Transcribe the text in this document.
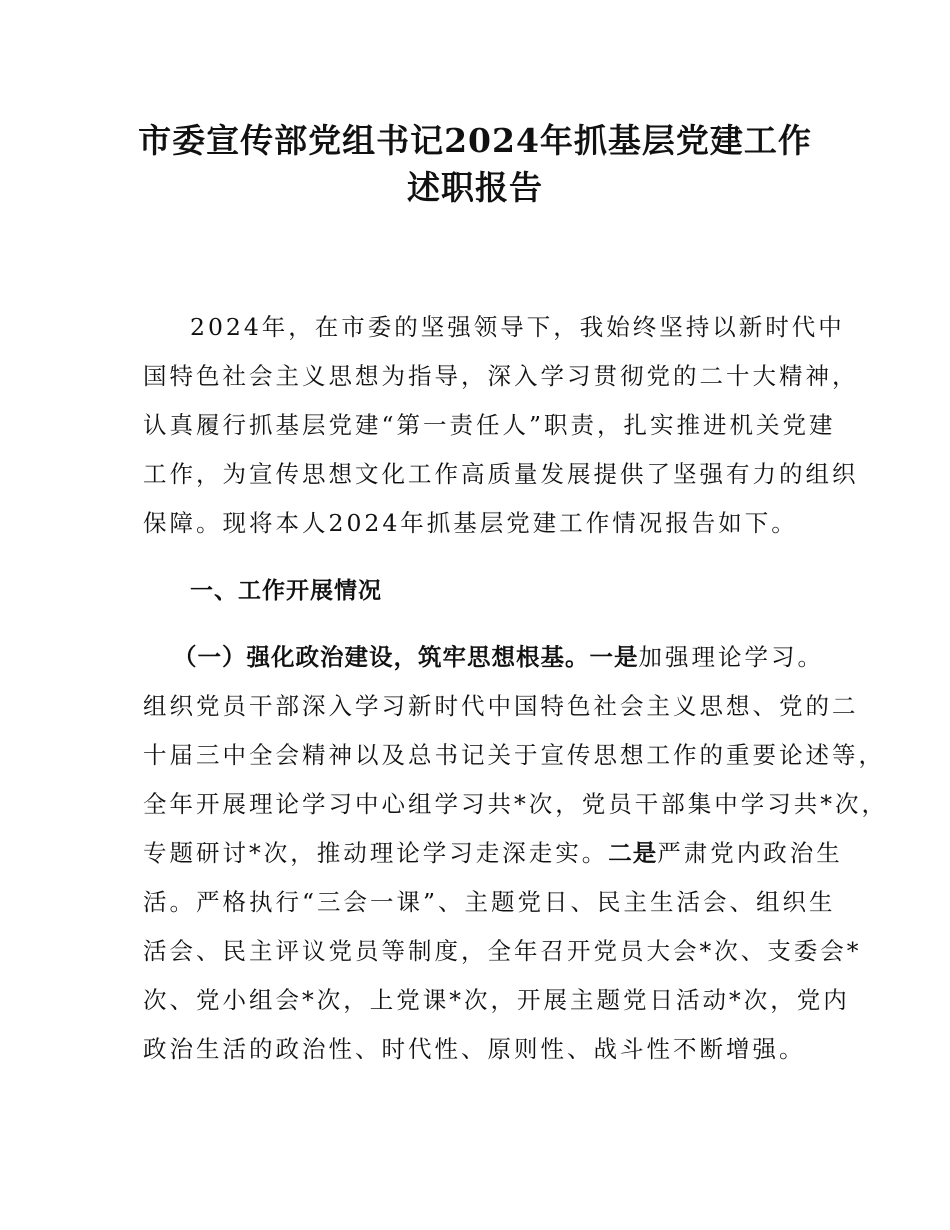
市委宣传部党组书记2024年抓基层党建工作
述职报告
2024年，在市委的坚强领导下，我始终坚持以新时代中
国特色社会主义思想为指导，深入学习贯彻党的二十大精神，
认真履行抓基层党建“第一责任人”职责，扎实推进机关党建
工作，为宣传思想文化工作高质量发展提供了坚强有力的组织
保障。现将本人2024年抓基层党建工作情况报告如下。
一、工作开展情况
（一）强化政治建设，筑牢思想根基。一是加强理论学习。
组织党员干部深入学习新时代中国特色社会主义思想、党的二
十届三中全会精神以及总书记关于宣传思想工作的重要论述等，
全年开展理论学习中心组学习共*次，党员干部集中学习共*次，
专题研讨*次，推动理论学习走深走实。二是严肃党内政治生
活。严格执行“三会一课”、主题党日、民主生活会、组织生
活会、民主评议党员等制度，全年召开党员大会*次、支委会*
次、党小组会*次，上党课*次，开展主题党日活动*次，党内
政治生活的政治性、时代性、原则性、战斗性不断增强。
